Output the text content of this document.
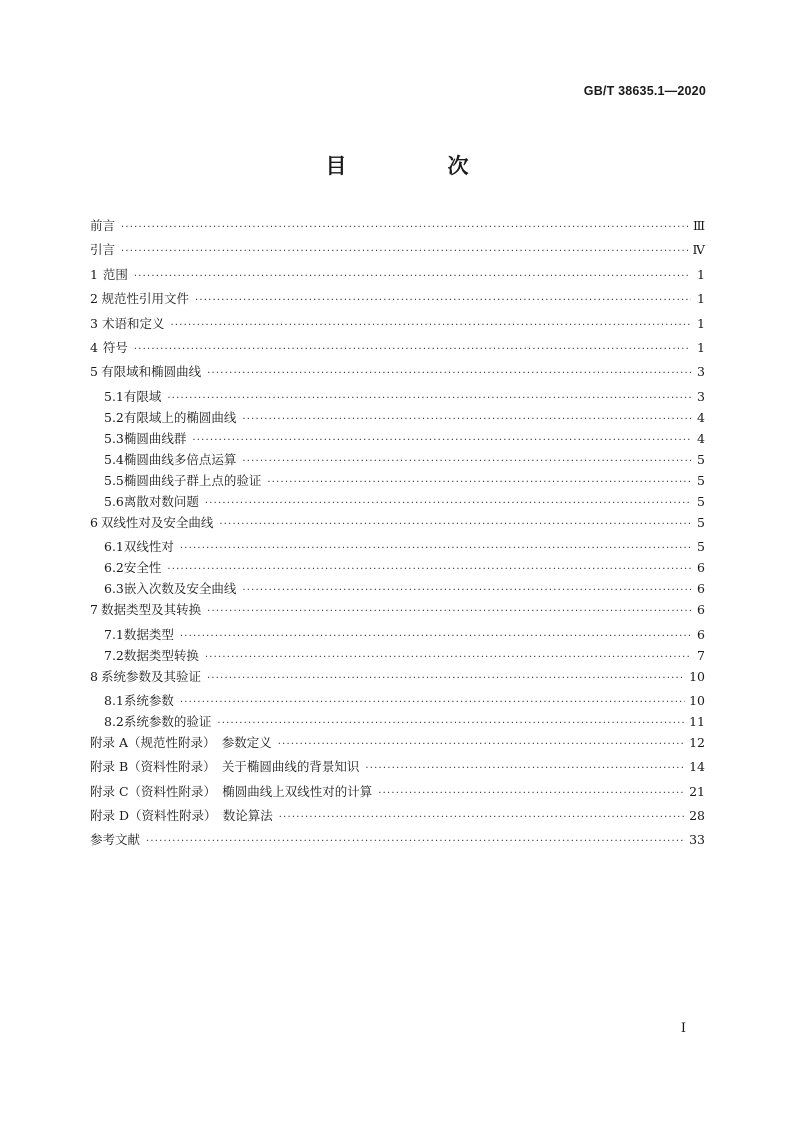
GB/T 38635.1—2020
目　次
前言 ·····	Ⅲ
引言 ·····	Ⅳ
1 范围 ·····	1
2 规范性引用文件 ·····	1
3 术语和定义 ·····	1
4 符号 ·····	1
5 有限域和椭圆曲线 ·····	3
5.1 有限域 ·····	3
5.2 有限域上的椭圆曲线 ·····	4
5.3 椭圆曲线群 ·····	4
5.4 椭圆曲线多倍点运算 ·····	5
5.5 椭圆曲线子群上点的验证 ·····	5
5.6 离散对数问题 ·····	5
6 双线性对及安全曲线 ·····	5
6.1 双线性对 ·····	5
6.2 安全性 ·····	6
6.3 嵌入次数及安全曲线 ·····	6
7 数据类型及其转换 ·····	6
7.1 数据类型 ·····	6
7.2 数据类型转换 ·····	7
8 系统参数及其验证 ·····	10
8.1 系统参数 ·····	10
8.2 系统参数的验证 ·····	11
附录 A（规范性附录）　参数定义 ·····	12
附录 B（资料性附录）　关于椭圆曲线的背景知识 ·····	14
附录 C（资料性附录）　椭圆曲线上双线性对的计算 ·····	21
附录 D（资料性附录）　数论算法 ·····	28
参考文献 ·····	33
I
